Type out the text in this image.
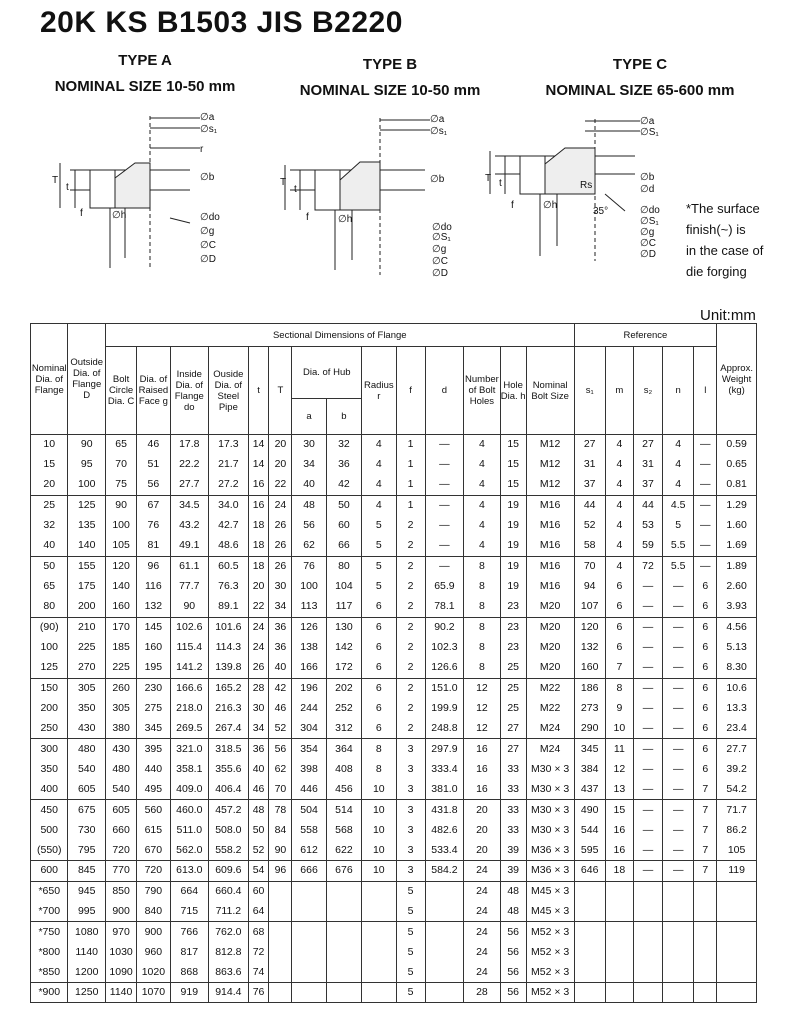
20K KS B1503 JIS B2220
TYPE A
NOMINAL SIZE 10-50 mm
TYPE B
NOMINAL SIZE 10-50 mm
TYPE C
NOMINAL SIZE 65-600 mm
∅a
∅s₁
r
∅b
∅do
∅g
∅C
∅D
T
t
f	∅h
∅a
∅s₁
∅b
∅do
∅S₁
∅g
∅C
∅D
T
t
f	∅h
∅a
∅S₁
∅b
∅d
∅do
∅S₁
∅g
∅C
∅D
T t
f	∅h
Rs
35°	*The surface
finish(~) is
in the case of
die forging
Unit:mm
Nominal Dia. of Flange	Outside Dia. of Flange D	Sectional Dimensions of Flange														Reference					Approx. Weight (kg)
		Bolt Circle Dia. C	Dia. of Raised Face g	Inside Dia. of Flange do	Ouside Dia. of Steel Pipe	t	T	Dia. of Hub		Radius r	f	d	Number of Bolt Holes	Hole Dia. h	Nominal Bolt Size	s₁	m	s₂	n	l	
								a	b												
10	90	65	46	17.8	17.3	14	20	30	32	4	1	—	4	15	M12	27	4	27	4	—	0.59
15	95	70	51	22.2	21.7	14	20	34	36	4	1	—	4	15	M12	31	4	31	4	—	0.65
20	100	75	56	27.7	27.2	16	22	40	42	4	1	—	4	15	M12	37	4	37	4	—	0.81
25	125	90	67	34.5	34.0	16	24	48	50	4	1	—	4	19	M16	44	4	44	4.5	—	1.29
32	135	100	76	43.2	42.7	18	26	56	60	5	2	—	4	19	M16	52	4	53	5	—	1.60
40	140	105	81	49.1	48.6	18	26	62	66	5	2	—	4	19	M16	58	4	59	5.5	—	1.69
50	155	120	96	61.1	60.5	18	26	76	80	5	2	—	8	19	M16	70	4	72	5.5	—	1.89
65	175	140	116	77.7	76.3	20	30	100	104	5	2	65.9	8	19	M16	94	6	—	—	6	2.60
80	200	160	132	90	89.1	22	34	113	117	6	2	78.1	8	23	M20	107	6	—	—	6	3.93
(90)	210	170	145	102.6	101.6	24	36	126	130	6	2	90.2	8	23	M20	120	6	—	—	6	4.56
100	225	185	160	115.4	114.3	24	36	138	142	6	2	102.3	8	23	M20	132	6	—	—	6	5.13
125	270	225	195	141.2	139.8	26	40	166	172	6	2	126.6	8	25	M20	160	7	—	—	6	8.30
150	305	260	230	166.6	165.2	28	42	196	202	6	2	151.0	12	25	M22	186	8	—	—	6	10.6
200	350	305	275	218.0	216.3	30	46	244	252	6	2	199.9	12	25	M22	273	9	—	—	6	13.3
250	430	380	345	269.5	267.4	34	52	304	312	6	2	248.8	12	27	M24	290	10	—	—	6	23.4
300	480	430	395	321.0	318.5	36	56	354	364	8	3	297.9	16	27	M24	345	11	—	—	6	27.7
350	540	480	440	358.1	355.6	40	62	398	408	8	3	333.4	16	33	M30 × 3	384	12	—	—	6	39.2
400	605	540	495	409.0	406.4	46	70	446	456	10	3	381.0	16	33	M30 × 3	437	13	—	—	7	54.2
450	675	605	560	460.0	457.2	48	78	504	514	10	3	431.8	20	33	M30 × 3	490	15	—	—	7	71.7
500	730	660	615	511.0	508.0	50	84	558	568	10	3	482.6	20	33	M30 × 3	544	16	—	—	7	86.2
(550)	795	720	670	562.0	558.2	52	90	612	622	10	3	533.4	20	39	M36 × 3	595	16	—	—	7	105
600	845	770	720	613.0	609.6	54	96	666	676	10	3	584.2	24	39	M36 × 3	646	18	—	—	7	119
*650	945	850	790	664	660.4	60					5		24	48	M45 × 3						
*700	995	900	840	715	711.2	64					5		24	48	M45 × 3						
*750	1080	970	900	766	762.0	68					5		24	56	M52 × 3						
*800	1140	1030	960	817	812.8	72					5		24	56	M52 × 3						
*850	1200	1090	1020	868	863.6	74					5		24	56	M52 × 3						
*900	1250	1140	1070	919	914.4	76					5		28	56	M52 × 3						
